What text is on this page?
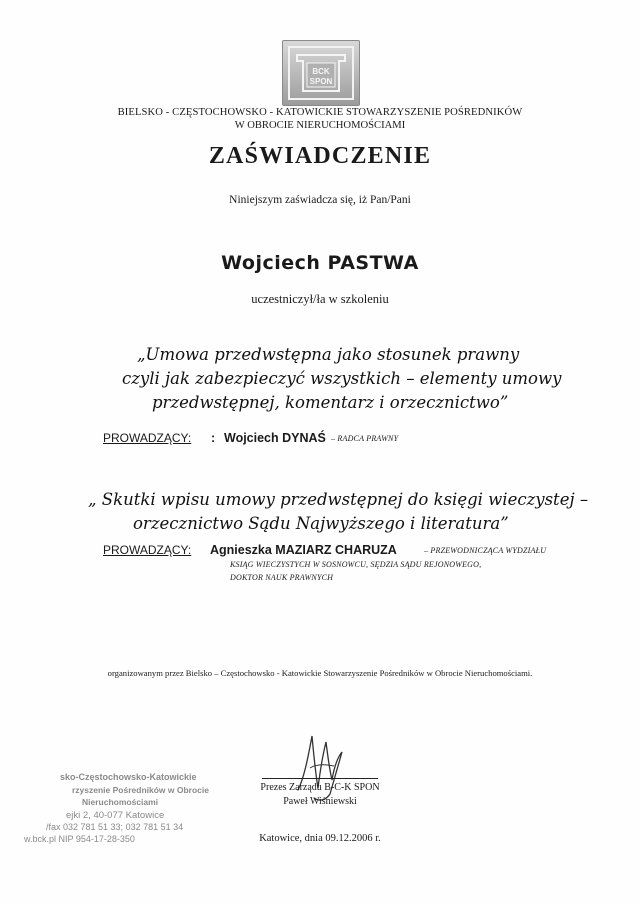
BCK
SPON
BIELSKO - CZĘSTOCHOWSKO - KATOWICKIE STOWARZYSZENIE POŚREDNIKÓW
W OBROCIE NIERUCHOMOŚCIAMI
ZAŚWIADCZENIE
Niniejszym zaświadcza się, iż Pan/Pani
Wojciech PASTWA
uczestniczył/ła w szkoleniu
„Umowa przedwstępna jako stosunek prawny
czyli jak zabezpieczyć wszystkich – elementy umowy
przedwstępnej, komentarz i orzecznictwo”
PROWADZĄCY: : Wojciech DYNAŚ – RADCA PRAWNY
„ Skutki wpisu umowy przedwstępnej do księgi wieczystej –
orzecznictwo Sądu Najwyższego i literatura”
PROWADZĄCY: Agnieszka MAZIARZ CHARUZA	– PRZEWODNICZĄCA WYDZIAŁU
KSIĄG WIECZYSTYCH W SOSNOWCU, SĘDZIA SĄDU REJONOWEGO,
DOKTOR NAUK PRAWNYCH
organizowanym przez Bielsko – Częstochowsko - Katowickie Stowarzyszenie Pośredników w Obrocie Nieruchomościami.
sko-Częstochowsko-Katowickie
rzyszenie Pośredników w Obrocie
Nieruchomościami
ejki 2, 40-077 Katowice
/fax 032 781 51 33; 032 781 51 34
w.bck.pl NIP 954-17-28-350
Prezes Zarządu B-C-K SPON
Paweł Wiśniewski
Katowice, dnia 09.12.2006 r.
